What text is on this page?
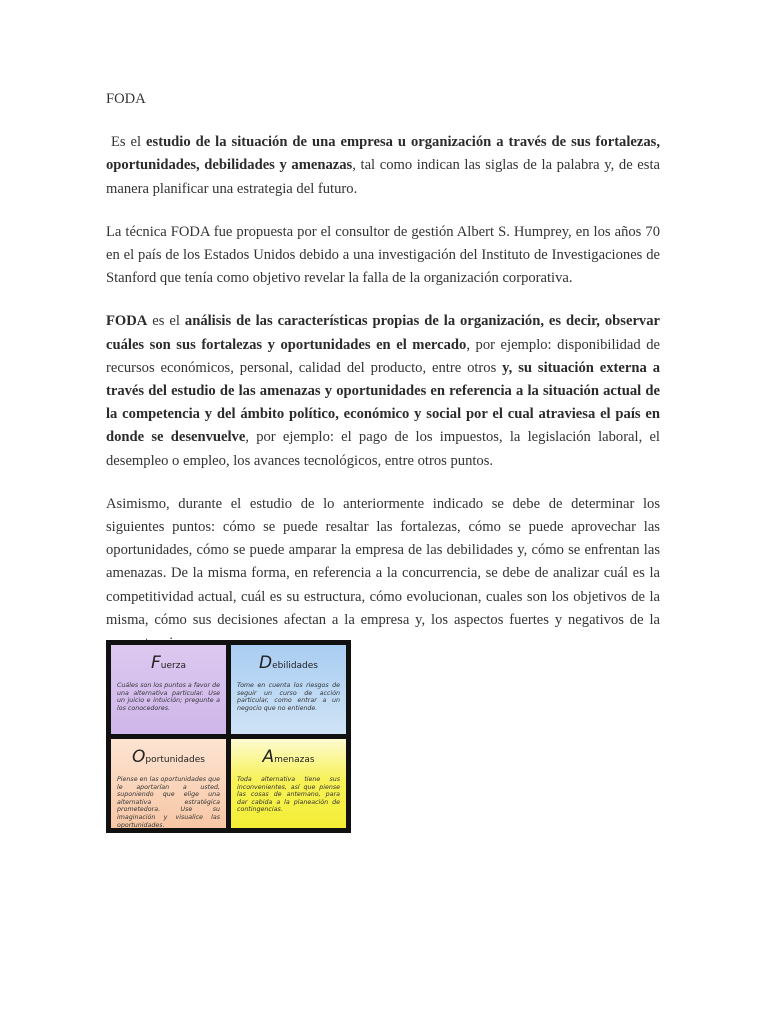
FODA

Es el estudio de la situación de una empresa u organización a través de sus fortalezas, oportunidades, debilidades y amenazas, tal como indican las siglas de la palabra y, de esta manera planificar una estrategia del futuro.

La técnica FODA fue propuesta por el consultor de gestión Albert S. Humprey, en los años 70 en el país de los Estados Unidos debido a una investigación del Instituto de Investigaciones de Stanford que tenía como objetivo revelar la falla de la organización corporativa.

FODA es el análisis de las características propias de la organización, es decir, observar cuáles son sus fortalezas y oportunidades en el mercado, por ejemplo: disponibilidad de recursos económicos, personal, calidad del producto, entre otros y, su situación externa a través del estudio de las amenazas y oportunidades en referencia a la situación actual de la competencia y del ámbito político, económico y social por el cual atraviesa el país en donde se desenvuelve, por ejemplo: el pago de los impuestos, la legislación laboral, el desempleo o empleo, los avances tecnológicos, entre otros puntos.

Asimismo, durante el estudio de lo anteriormente indicado se debe de determinar los siguientes puntos: cómo se puede resaltar las fortalezas, cómo se puede aprovechar las oportunidades, cómo se puede amparar la empresa de las debilidades y, cómo se enfrentan las amenazas. De la misma forma, en referencia a la concurrencia, se debe de analizar cuál es la competitividad actual, cuál es su estructura, cómo evolucionan, cuales son los objetivos de la misma, cómo sus decisiones afectan a la empresa y, los aspectos fuertes y negativos de la

Fuerza
Cuáles son los puntos a favor de una alternativa particular. Use un juicio e intuición; pregunte a los conocedores.
Debilidades
Tome en cuenta los riesgos de seguir un curso de acción particular, como entrar a un negocio que no entiende.
Oportunidades
Piense en las oportunidades que le aportarían a usted, suponiendo que elige una alternativa estratégica prometedora. Use su imaginación y visualice las oportunidades.
Amenazas
Toda alternativa tiene sus inconvenientes, así que piense las cosas de antemano, para dar cabida a la planeación de contingencias.
